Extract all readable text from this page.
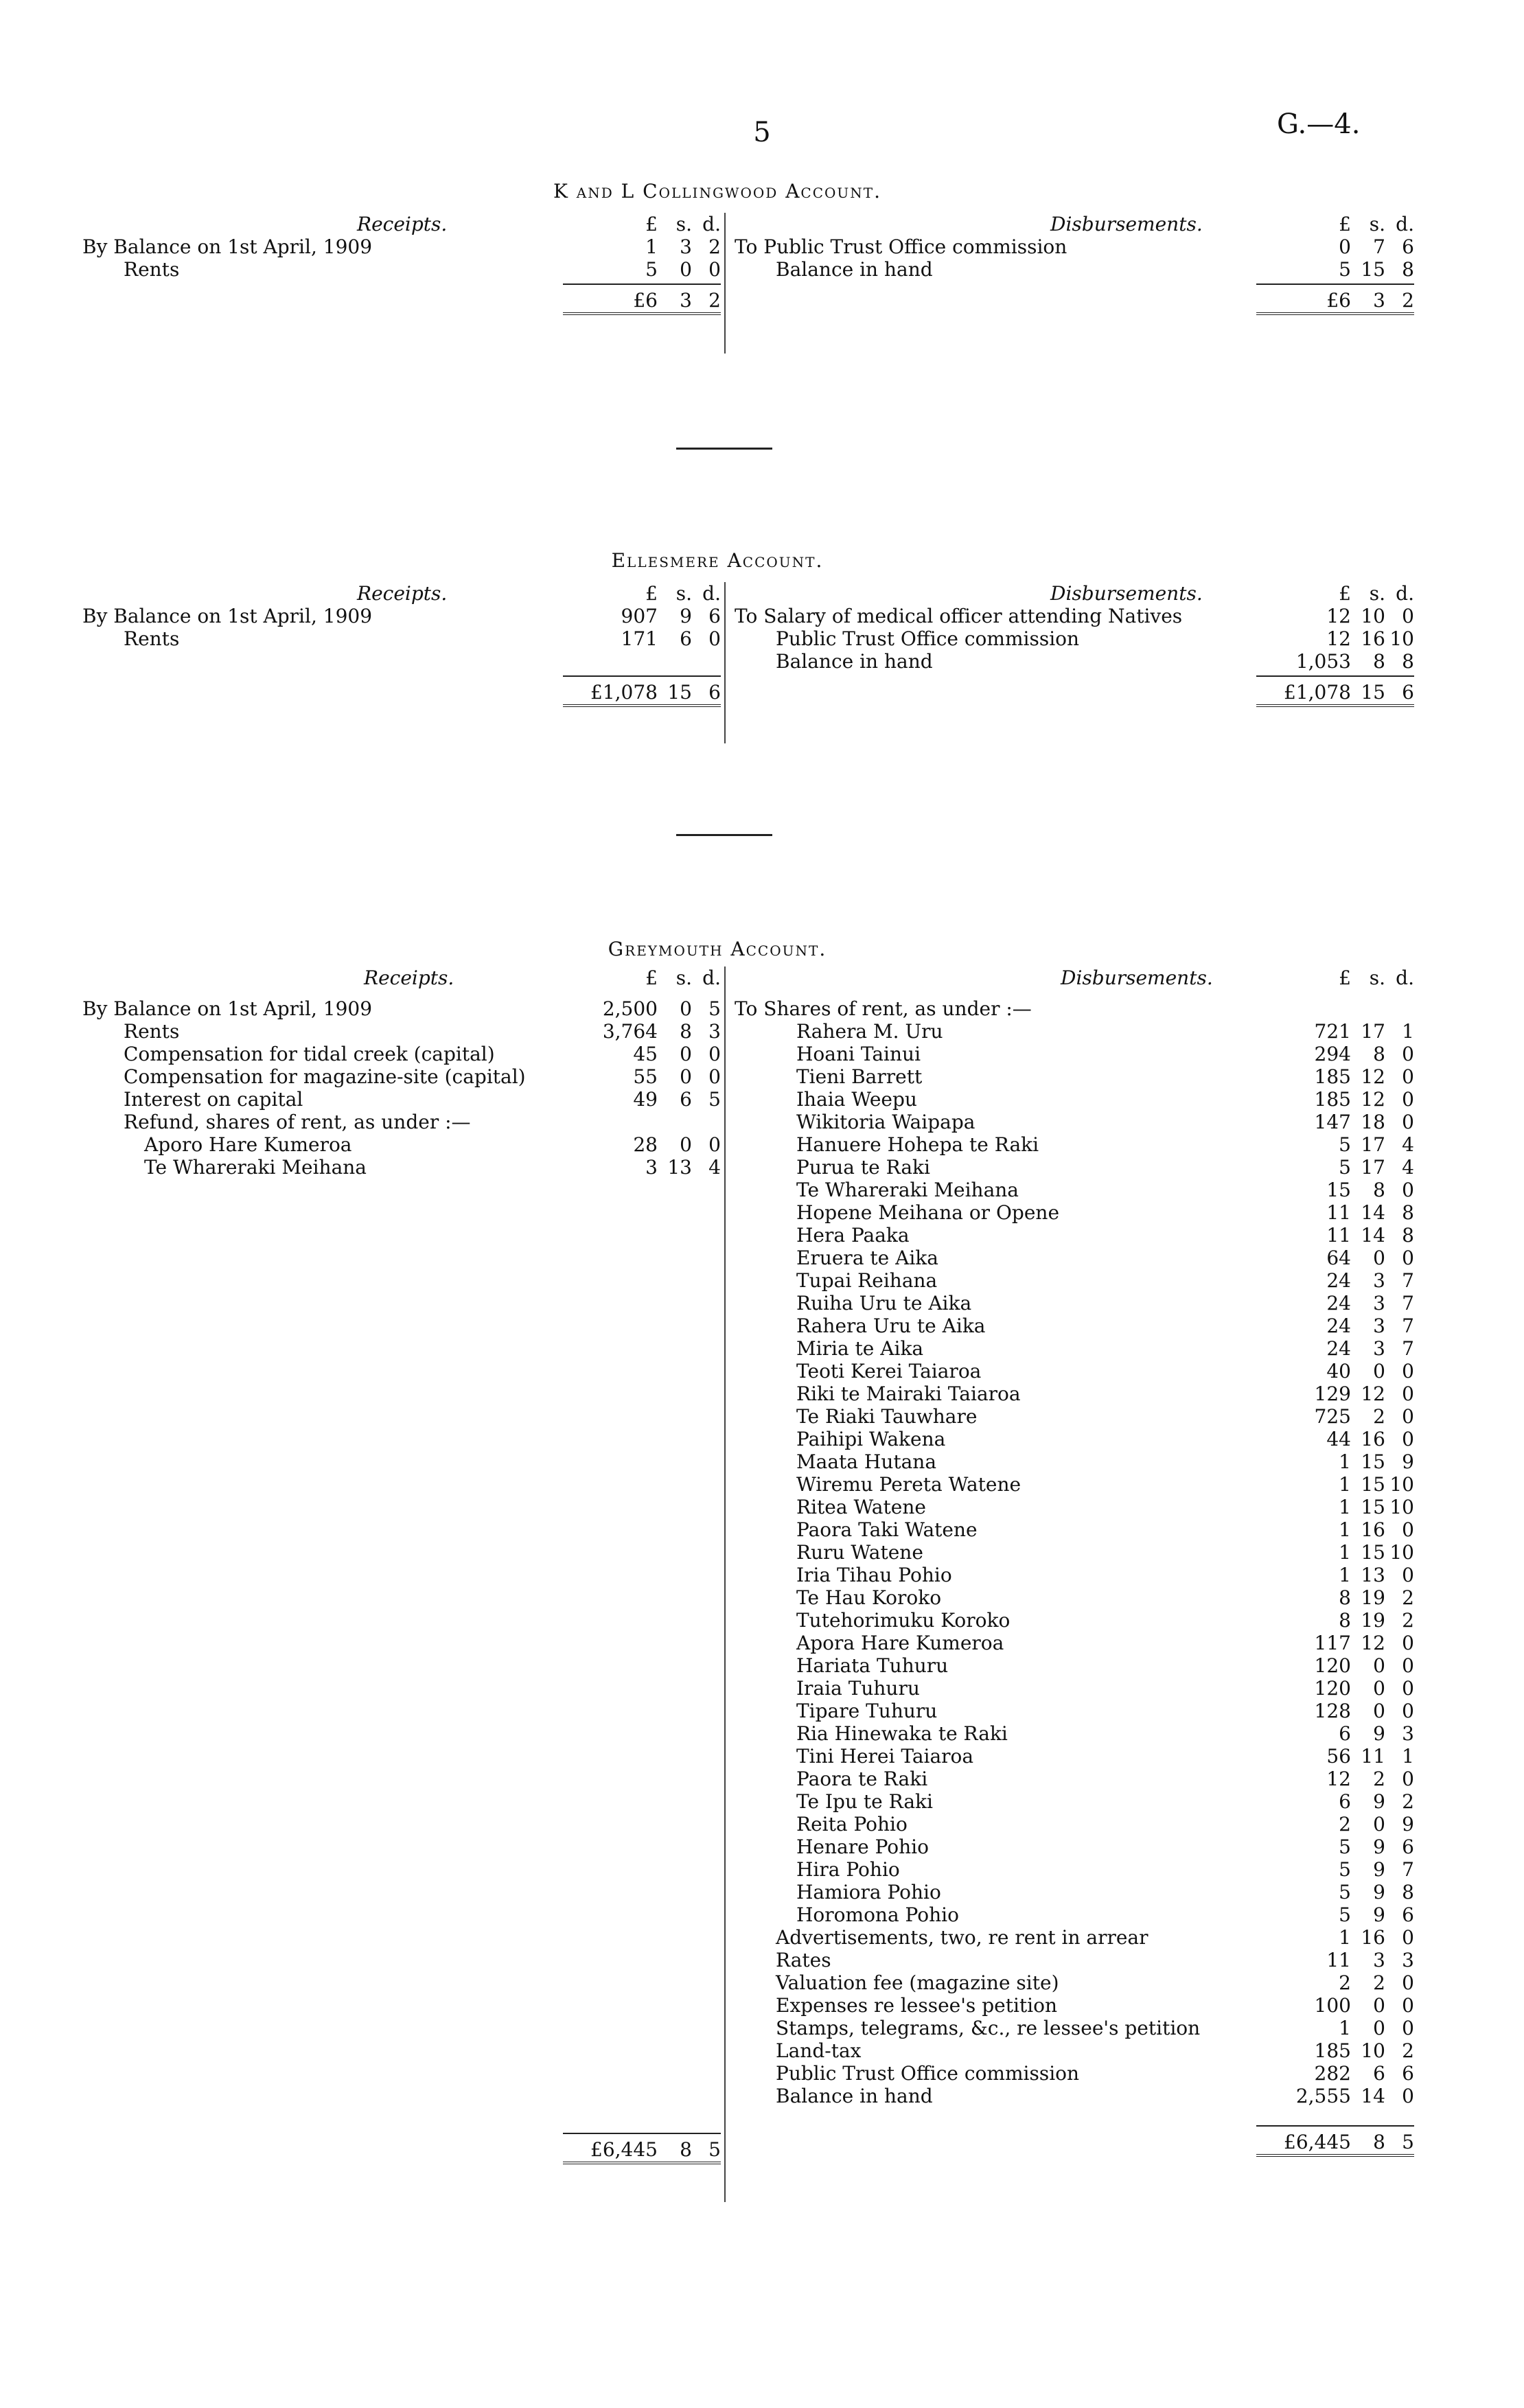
5	G.—4.
K and L Collingwood Account.
Receipts.	£ s. d.
By Balance on 1st April, 1909	1	3 2
Rents	5	0 0
£6	3 2
Disbursements.	£ s. d.
To Public Trust Office commission	0	7 6
Balance in hand	5 15 8
£6	3 2
Ellesmere Account.
Receipts.	£ s. d.
By Balance on 1st April, 1909	907	9 6
Rents	171	6 0
£1,078 15 6
Disbursements.	£ s. d.
To Salary of medical officer attending Natives	12 10 0
Public Trust Office commission	12 16 10
Balance in hand	1,053	8 8
£1,078 15 6
Greymouth Account.
Receipts.	£ s. d.
By Balance on 1st April, 1909	2,500	0 5
Rents	3,764	8 3
Compensation for tidal creek (capital)	45	0 0
Compensation for magazine-site (capital)	55	0 0
Interest on capital	49	6 5
Refund, shares of rent, as under :—
Aporo Hare Kumeroa	28	0 0
Te Whareraki Meihana	3 13 4
£6,445	8 5
Disbursements.	£ s. d.
To Shares of rent, as under :—
Rahera M. Uru	721 17 1
Hoani Tainui	294	8 0
Tieni Barrett	185 12 0
Ihaia Weepu	185 12 0
Wikitoria Waipapa	147 18 0
Hanuere Hohepa te Raki	5 17 4
Purua te Raki	5 17 4
Te Whareraki Meihana	15	8 0
Hopene Meihana or Opene	11 14 8
Hera Paaka	11 14 8
Eruera te Aika	64	0 0
Tupai Reihana	24	3 7
Ruiha Uru te Aika	24	3 7
Rahera Uru te Aika	24	3 7
Miria te Aika	24	3 7
Teoti Kerei Taiaroa	40	0 0
Riki te Mairaki Taiaroa	129 12 0
Te Riaki Tauwhare	725	2 0
Paihipi Wakena	44 16 0
Maata Hutana	1 15 9
Wiremu Pereta Watene	1 15 10
Ritea Watene	1 15 10
Paora Taki Watene	1 16 0
Ruru Watene	1 15 10
Iria Tihau Pohio	1 13 0
Te Hau Koroko	8 19 2
Tutehorimuku Koroko	8 19 2
Apora Hare Kumeroa	117 12 0
Hariata Tuhuru	120	0 0
Iraia Tuhuru	120	0 0
Tipare Tuhuru	128	0 0
Ria Hinewaka te Raki	6	9 3
Tini Herei Taiaroa	56 11 1
Paora te Raki	12	2 0
Te Ipu te Raki	6	9 2
Reita Pohio	2	0 9
Henare Pohio	5	9 6
Hira Pohio	5	9 7
Hamiora Pohio	5	9 8
Horomona Pohio	5	9 6
Advertisements, two, re rent in arrear	1 16 0
Rates	11	3 3
Valuation fee (magazine site)	2	2 0
Expenses re lessee's petition	100	0 0
Stamps, telegrams, &c., re lessee's petition	1	0 0
Land-tax	185 10 2
Public Trust Office commission	282	6 6
Balance in hand	2,555 14 0
£6,445	8 5
